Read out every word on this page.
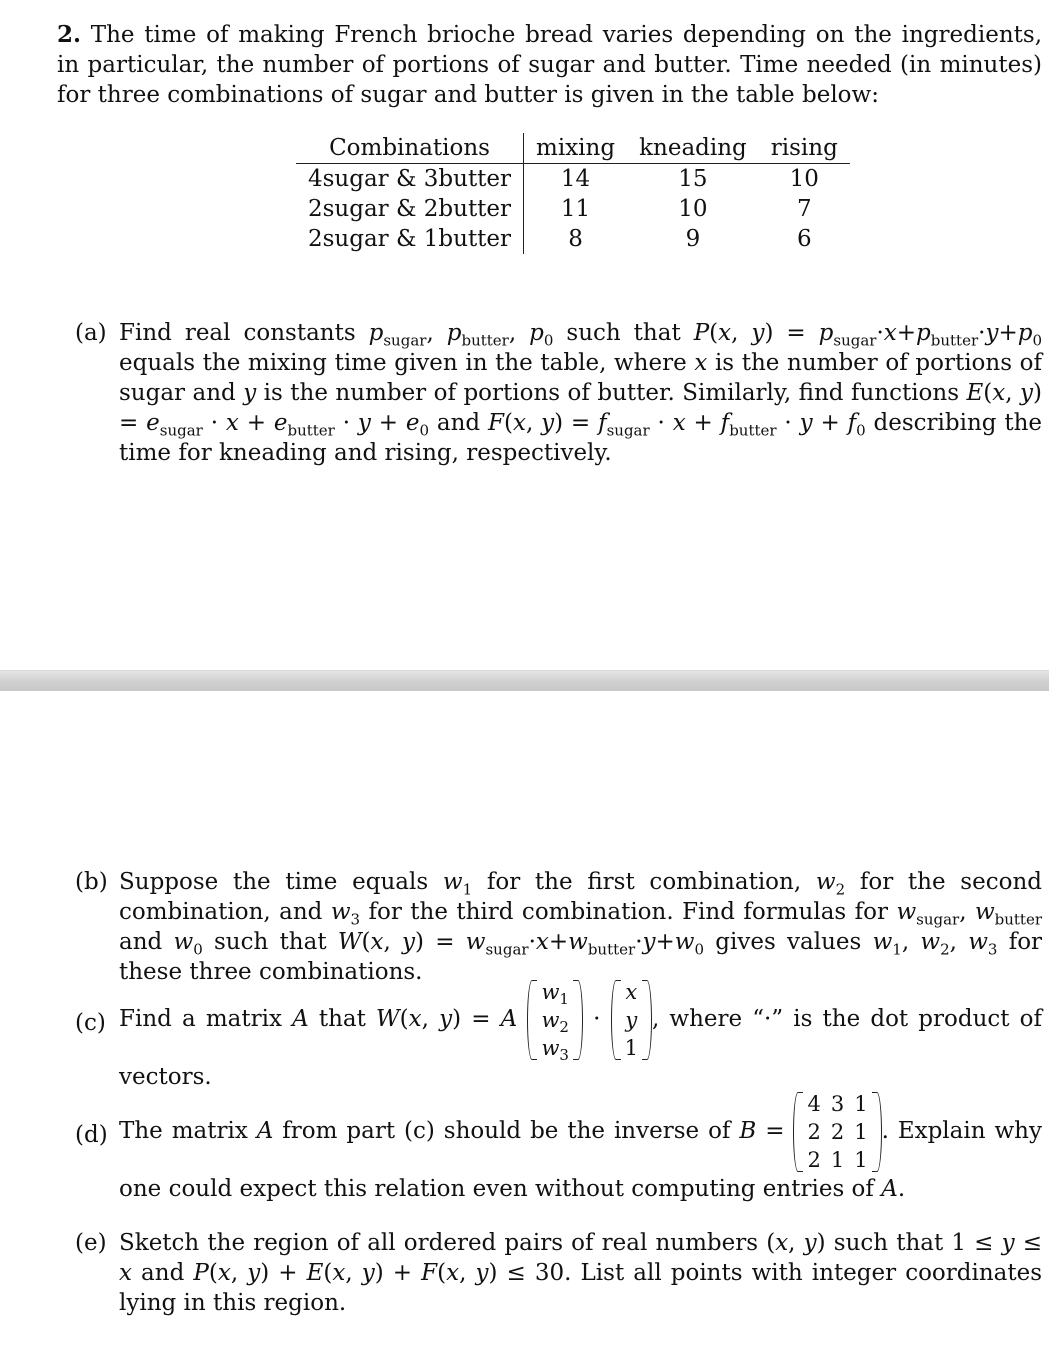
2. The time of making French brioche bread varies depending on the ingredients, in particular, the number of portions of sugar and butter. Time needed (in minutes) for three combinations of sugar and butter is given in the table below:
Combinations	mixing	kneading	rising
4sugar & 3butter	14	15	10
2sugar & 2butter	11	10	7
2sugar & 1butter	8	9	6
(a) Find real constants $p_{sugar}$, $p_{butter}$, $p_0$ such that P(x, $y) = p_{sugar}\cdot x+p_{butter}\cdot y+p_0$ equals the mixing time given in the table, where x is the number of portions of sugar and y is the number of portions of butter. Similarly, find functions E(x, $y) = e_{sugar} \cdot x + e_{butter} \cdot y + e_0$ and F(x, $y) = f_{sugar} \cdot x + f_{butter} \cdot y + f_0$ describing the time for kneading and rising, respectively.
(b) Suppose the time equals $w_1$ for the first combination, $w_2$ for the second combination, and $w_3$ for the third combination. Find formulas for $w_{sugar}$, $w_{butter}$ and $w_0$ such that W(x, $y) = w_{sugar}\cdot x+w_{butter}\cdot y+w_0$ gives values $w_1$, $w_2$, $w_3$ for these three combinations.
(c) Find a matrix A that W(x, y) = A
$w_1$
$w_2$
$w_3$
·
x
y
1
, where “·” is the dot product of vectors.
(d) The matrix A from part (c) should be the inverse of B =
4	3	1
2	2	1
2	1	1
. Explain why one could expect this relation even without computing entries of A.
(e) Sketch the region of all ordered pairs of real numbers (x, y) such that 1 ≤ y ≤ x and P(x, y) + E(x, y) + F(x, y) ≤ 30. List all points with integer coordinates lying in this region.
